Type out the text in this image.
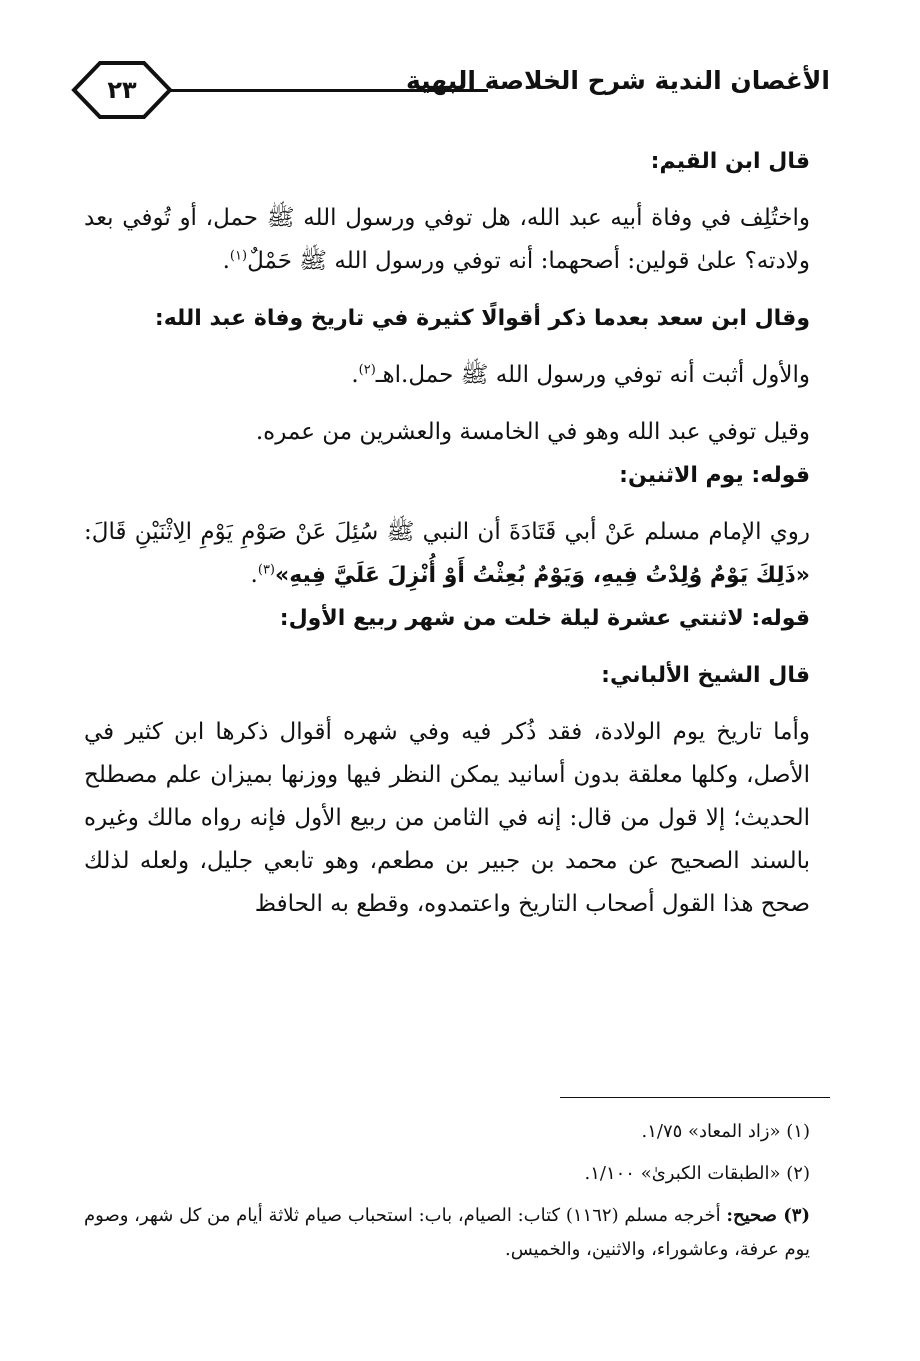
٢٣	الأغصان الندية شرح الخلاصة البهية

قال ابن القيم:

واختُلِف في وفاة أبيه عبد الله، هل توفي ورسول الله ﷺ حمل، أو تُوفي بعد ولادته؟ علىٰ قولين: أصحهما: أنه توفي ورسول الله ﷺ حَمْلٌ$^{(١)}$.

وقال ابن سعد بعدما ذكر أقوالًا كثيرة في تاريخ وفاة عبد الله:

والأول أثبت أنه توفي ورسول الله ﷺ حمل.اهـ$^{(٢)}$.

وقيل توفي عبد الله وهو في الخامسة والعشرين من عمره.

قوله: يوم الاثنين:

روي الإمام مسلم عَنْ أبي قَتَادَةَ أن النبي ﷺ سُئِلَ عَنْ صَوْمِ يَوْمِ الِاثْنَيْنِ قَالَ: «ذَلِكَ يَوْمٌ وُلِدْتُ فِيهِ، وَيَوْمٌ بُعِثْتُ أَوْ أُنْزِلَ عَلَيَّ فِيهِ»$^{(٣)}$.

قوله: لاثنتي عشرة ليلة خلت من شهر ربيع الأول:

قال الشيخ الألباني:

وأما تاريخ يوم الولادة، فقد ذُكر فيه وفي شهره أقوال ذكرها ابن كثير في الأصل، وكلها معلقة بدون أسانيد يمكن النظر فيها ووزنها بميزان علم مصطلح الحديث؛ إلا قول من قال: إنه في الثامن من ربيع الأول فإنه رواه مالك وغيره بالسند الصحيح عن محمد بن جبير بن مطعم، وهو تابعي جليل، ولعله لذلك صحح هذا القول أصحاب التاريخ واعتمدوه، وقطع به الحافظ

(١) «زاد المعاد» ١/٧٥.

(٢) «الطبقات الكبرىٰ» ١/١٠٠.

(٣) صحيح: أخرجه مسلم (١١٦٢) كتاب: الصيام، باب: استحباب صيام ثلاثة أيام من كل شهر، وصوم يوم عرفة، وعاشوراء، والاثنين، والخميس.
